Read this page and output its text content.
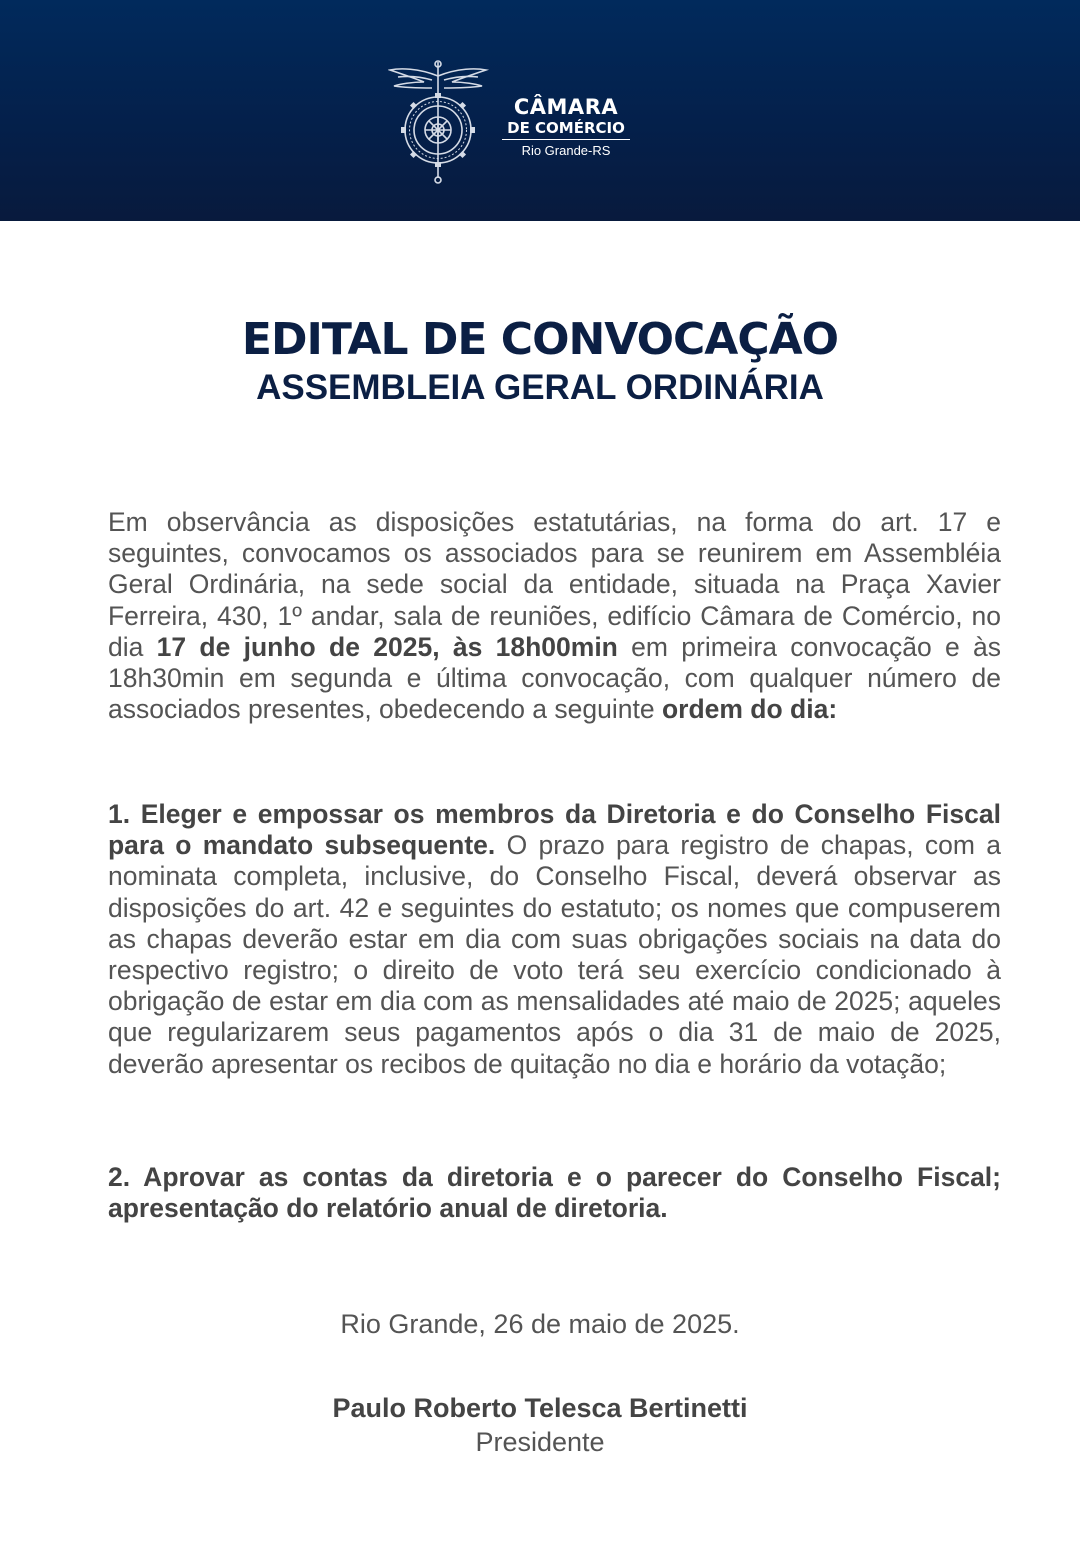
CÂMARA
DE COMÉRCIO
Rio Grande-RS
EDITAL DE CONVOCAÇÃO
ASSEMBLEIA GERAL ORDINÁRIA

Em observância as disposições estatutárias, na forma do art. 17 e seguintes, convocamos os associados para se reunirem em Assembléia Geral Ordinária, na sede social da entidade, situada na Praça Xavier Ferreira, 430, 1º andar, sala de reuniões, edifício Câmara de Comércio, no dia 17 de junho de 2025, às 18h00min em primeira convocação e às 18h30min em segunda e última convocação, com qualquer número de associados presentes, obedecendo a seguinte ordem do dia:

1. Eleger e empossar os membros da Diretoria e do Conselho Fiscal para o mandato subsequente. O prazo para registro de chapas, com a nominata completa, inclusive, do Conselho Fiscal, deverá observar as disposições do art. 42 e seguintes do estatuto; os nomes que compuserem as chapas deverão estar em dia com suas obrigações sociais na data do respectivo registro; o direito de voto terá seu exercício condicionado à obrigação de estar em dia com as mensalidades até maio de 2025; aqueles que regularizarem seus pagamentos após o dia 31 de maio de 2025, deverão apresentar os recibos de quitação no dia e horário da votação;

2. Aprovar as contas da diretoria e o parecer do Conselho Fiscal; apresentação do relatório anual de diretoria.

Rio Grande, 26 de maio de 2025.

Paulo Roberto Telesca Bertinetti

Presidente
